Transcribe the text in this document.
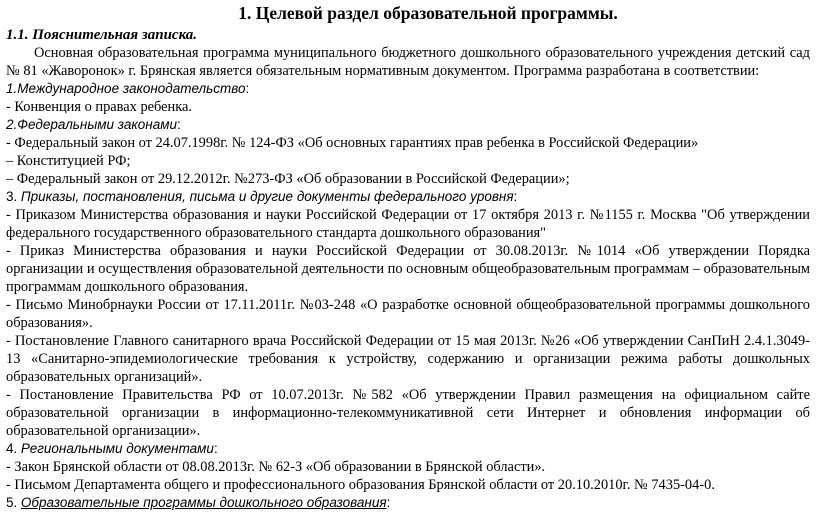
1. Целевой раздел образовательной программы.

1.1. Пояснительная записка.

Основная образовательная программа муниципального бюджетного дошкольного образовательного учреждения детский сад № 81 «Жаворонок» г. Брянская является обязательным нормативным документом. Программа разработана в соответствии:

1.Международное законодательство:

- Конвенция о правах ребенка.

2.Федеральными законами:

- Федеральный закон от 24.07.1998г. № 124-ФЗ «Об основных гарантиях прав ребенка в Российской Федерации»

– Конституцией РФ;

– Федеральный закон от 29.12.2012г. №273-ФЗ «Об образовании в Российской Федерации»;

3. Приказы, постановления, письма и другие документы федерального уровня:

- Приказом Министерства образования и науки Российской Федерации от 17 октября 2013 г. №1155 г. Москва "Об утверждении федерального государственного образовательного стандарта дошкольного образования"

- Приказ Министерства образования и науки Российской Федерации от 30.08.2013г. №1014 «Об утверждении Порядка организации и осуществления образовательной деятельности по основным общеобразовательным программам – образовательным программам дошкольного образования.

- Письмо Минобрнауки России от 17.11.2011г. №03-248 «О разработке основной общеобразовательной программы дошкольного образования».

- Постановление Главного санитарного врача Российской Федерации от 15 мая 2013г. №26 «Об утверждении СанПиН 2.4.1.3049-13 «Санитарно-эпидемиологические требования к устройству, содержанию и организации режима работы дошкольных образовательных организаций».

- Постановление Правительства РФ от 10.07.2013г. №582 «Об утверждении Правил размещения на официальном сайте образовательной организации в информационно-телекоммуникативной сети Интернет и обновления информации об образовательной организации».

4. Региональными документами:

- Закон Брянской области от 08.08.2013г. № 62-З «Об образовании в Брянской области».

- Письмом Департамента общего и профессионального образования Брянской области от 20.10.2010г. № 7435-04-0.

5. Образовательные программы дошкольного образования:
